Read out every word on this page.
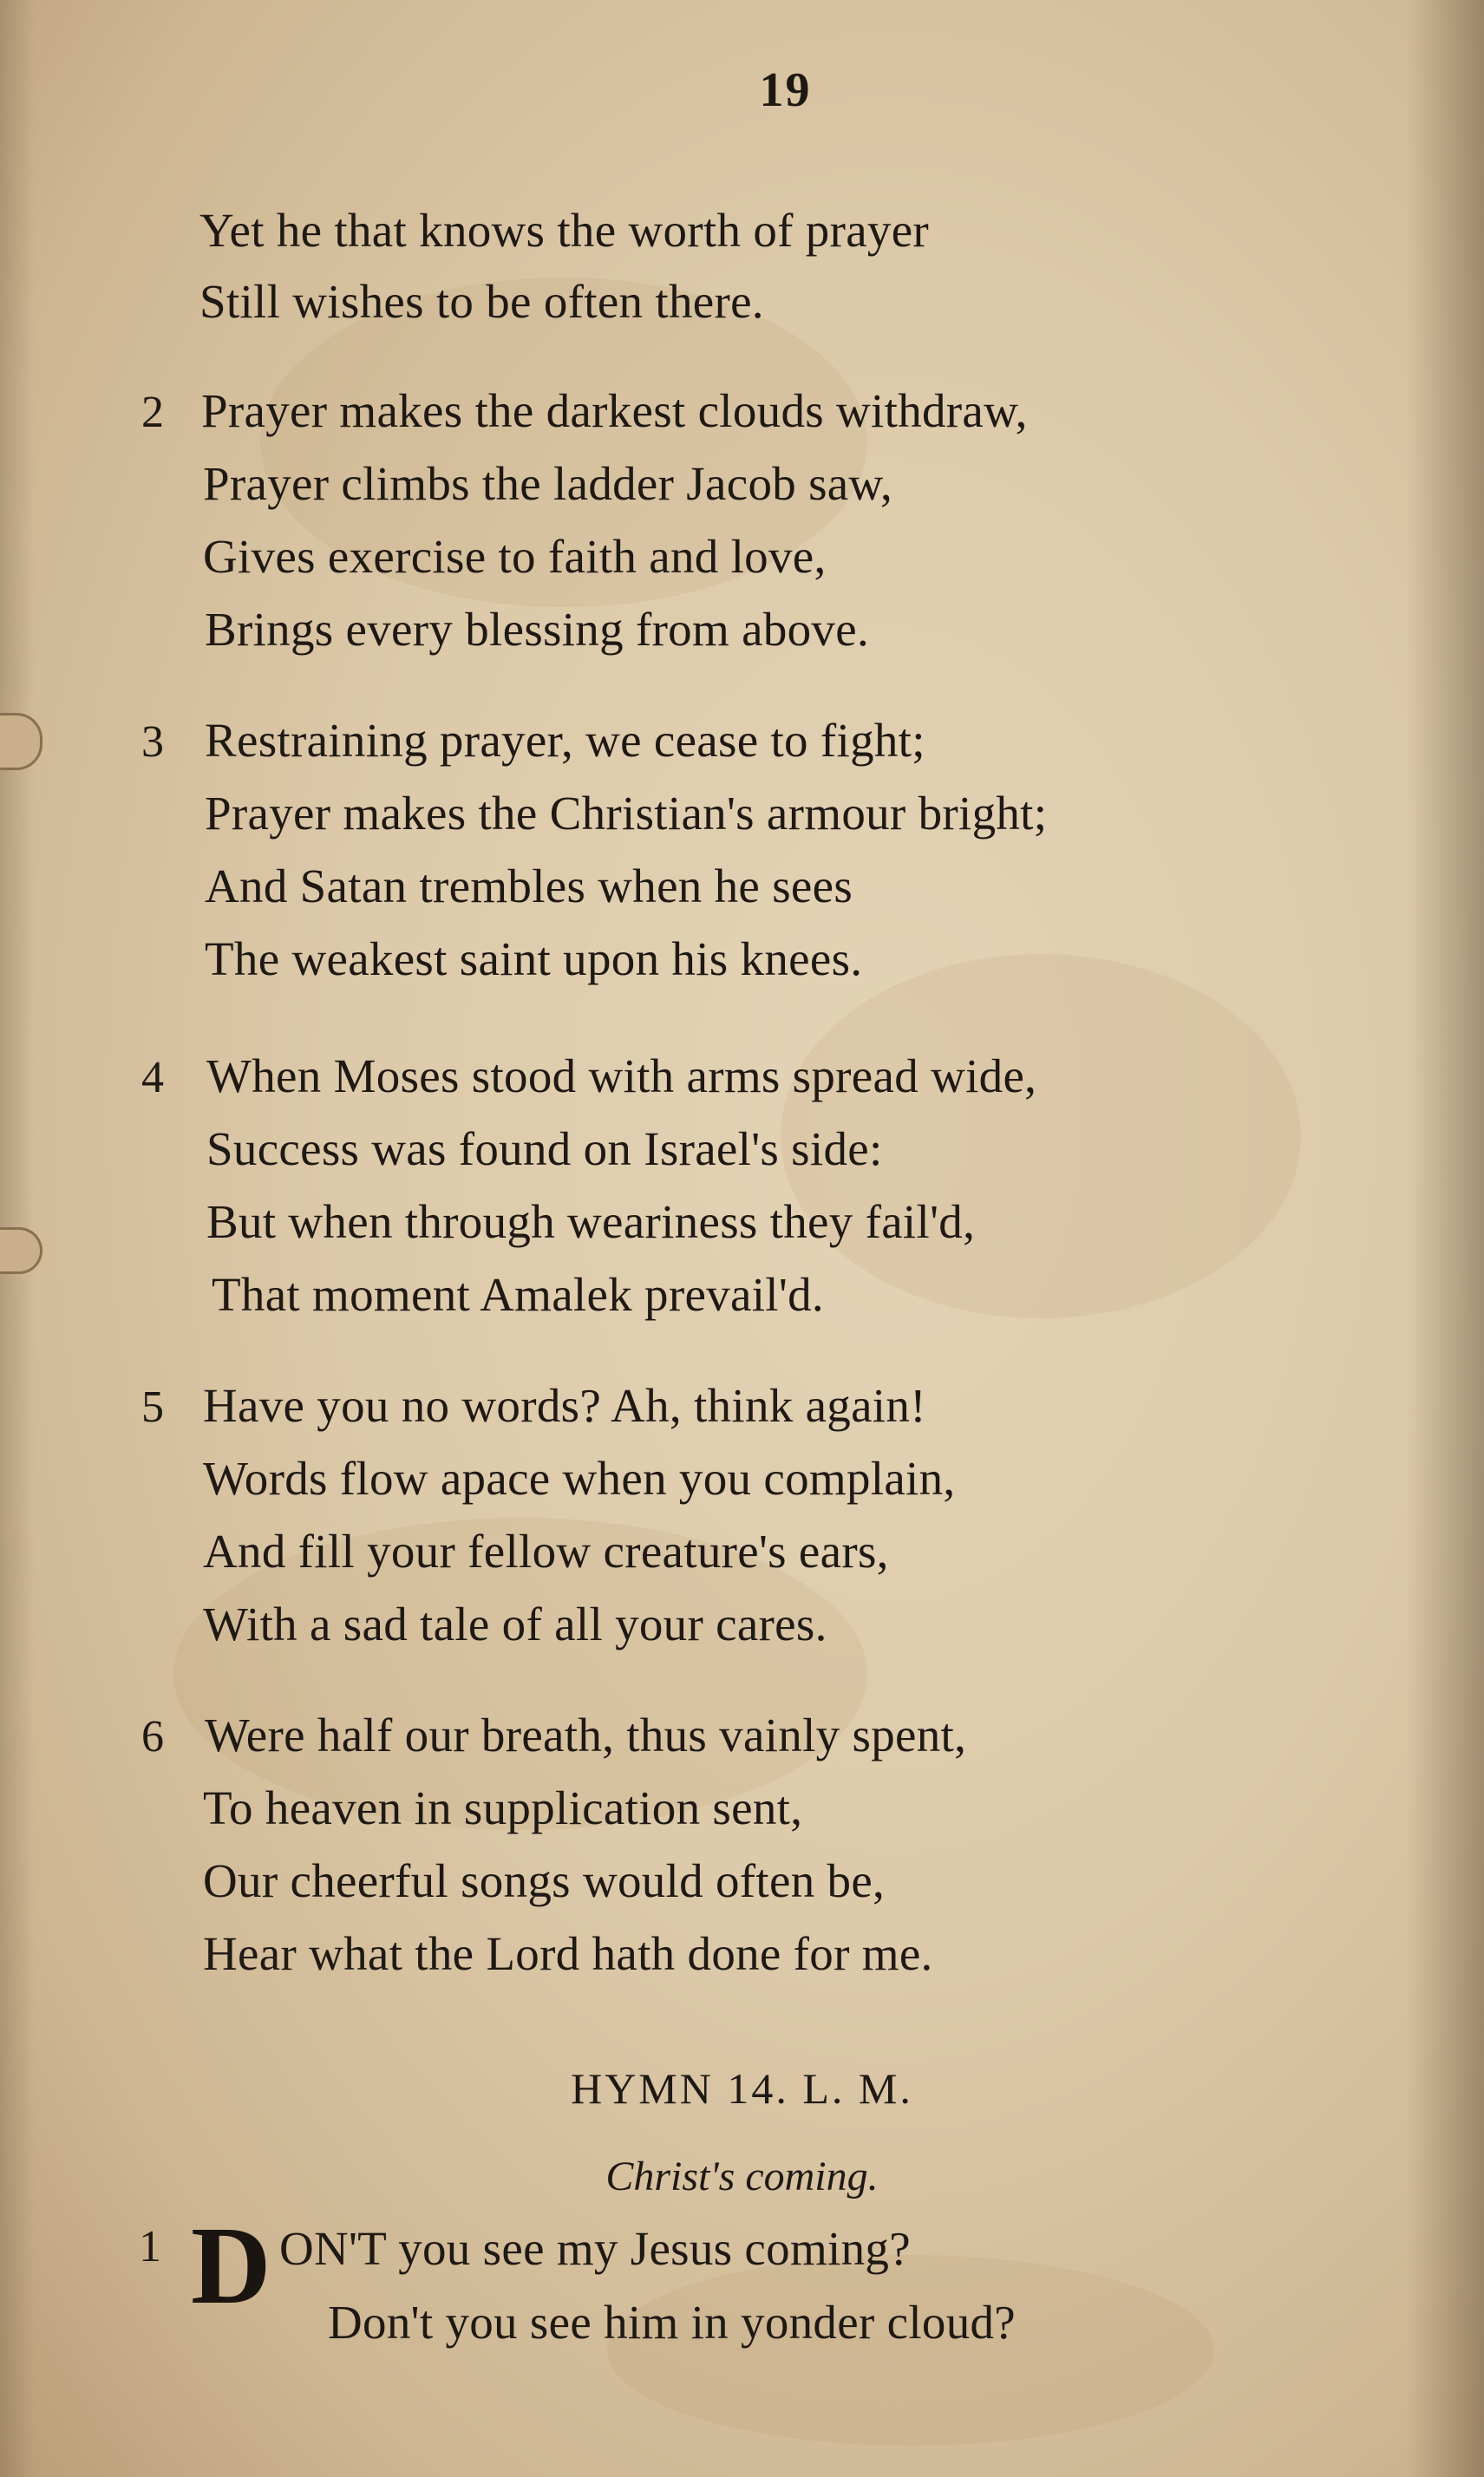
19
Yet he that knows the worth of prayer
Still wishes to be often there.
Prayer makes the darkest clouds withdraw,
2
Prayer climbs the ladder Jacob saw,
Gives exercise to faith and love,
Brings every blessing from above.
Restraining prayer, we cease to fight;
3
Prayer makes the Christian's armour bright;
And Satan trembles when he sees
The weakest saint upon his knees.
When Moses stood with arms spread wide,
4
Success was found on Israel's side:
But when through weariness they fail'd,
That moment Amalek prevail'd.
Have you no words? Ah, think again!
5
Words flow apace when you complain,
And fill your fellow creature's ears,
With a sad tale of all your cares.
Were half our breath, thus vainly spent,
6
To heaven in supplication sent,
Our cheerful songs would often be,
Hear what the Lord hath done for me.
HYMN 14. L. M.
Christ's coming.
1 D ON'T you see my Jesus coming?
Don't you see him in yonder cloud?
